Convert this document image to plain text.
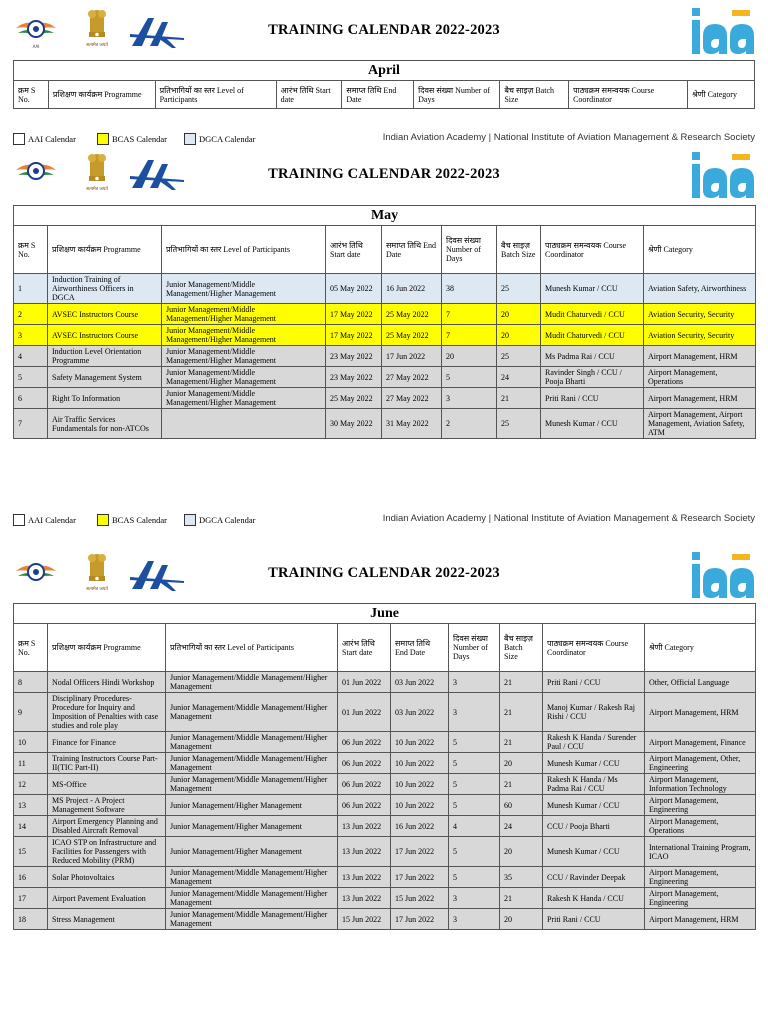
AAI	सत्यमेव जयते
TRAINING CALENDAR 2022-2023
April
क्रम S No.	प्रशिक्षण कार्यक्रम Programme	प्रतिभागियों का स्तर Level of Participants	आरंभ तिथि Start date	समाप्त तिथि End Date	दिवस संख्या Number of Days	बैच साइज़ Batch Size	पाठ्यक्रम समन्वयक Course Coordinator	श्रेणी Category
AAI Calendar	BCAS Calendar	DGCA Calendar	Indian Aviation Academy | National Institute of Aviation Management & Research Society
सत्यमेव जयते
TRAINING CALENDAR 2022-2023
May								
क्रम S No.	प्रशिक्षण कार्यक्रम Programme	प्रतिभागियों का स्तर Level of Participants	आरंभ तिथि Start date	समाप्त तिथि End Date	दिवस संख्या Number of Days	बैच साइज़ Batch Size	पाठ्यक्रम समन्वयक Course Coordinator	श्रेणी Category
1	Induction Training of Airworthiness Officers in DGCA	Junior Management/Middle Management/Higher Management	05 May 2022	16 Jun 2022	38	25	Munesh Kumar / CCU	Aviation Safety, Airworthiness
2	AVSEC Instructors Course	Junior Management/Middle Management/Higher Management	17 May 2022	25 May 2022	7	20	Mudit Chaturvedi / CCU	Aviation Security, Security
3	AVSEC Instructors Course	Junior Management/Middle Management/Higher Management	17 May 2022	25 May 2022	7	20	Mudit Chaturvedi / CCU	Aviation Security, Security
4	Induction Level Orientation Programme	Junior Management/Middle Management/Higher Management	23 May 2022	17 Jun 2022	20	25	Ms Padma Rai / CCU	Airport Management, HRM
5	Safety Management System	Junior Management/Middle Management/Higher Management	23 May 2022	27 May 2022	5	24	Ravinder Singh / CCU / Pooja Bharti	Airport Management, Operations
6	Right To Information	Junior Management/Middle Management/Higher Management	25 May 2022	27 May 2022	3	21	Priti Rani / CCU	Airport Management, HRM
7	Air Traffic Services Fundamentals for non-ATCOs		30 May 2022	31 May 2022	2	25	Munesh Kumar / CCU	Airport Management, Airport Management, Aviation Safety, ATM
AAI Calendar	BCAS Calendar	DGCA Calendar	Indian Aviation Academy | National Institute of Aviation Management & Research Society
सत्यमेव जयते
TRAINING CALENDAR 2022-2023
June								
क्रम S No.	प्रशिक्षण कार्यक्रम Programme	प्रतिभागियों का स्तर Level of Participants	आरंभ तिथि Start date	समाप्त तिथि End Date	दिवस संख्या Number of Days	बैच साइज़ Batch Size	पाठ्यक्रम समन्वयक Course Coordinator	श्रेणी Category
8	Nodal Officers Hindi Workshop	Junior Management/Middle Management/Higher Management	01 Jun 2022	03 Jun 2022	3	21	Priti Rani / CCU	Other, Official Language
9	Disciplinary Procedures-Procedure for Inquiry and Imposition of Penalties with case studies and role play	Junior Management/Middle Management/Higher Management	01 Jun 2022	03 Jun 2022	3	21	Manoj Kumar / Rakesh Raj Rishi / CCU	Airport Management, HRM
10	Finance for Finance	Junior Management/Middle Management/Higher Management	06 Jun 2022	10 Jun 2022	5	21	Rakesh K Handa / Surender Paul / CCU	Airport Management, Finance
11	Training Instructors Course Part-II(TIC Part-II)	Junior Management/Middle Management/Higher Management	06 Jun 2022	10 Jun 2022	5	20	Munesh Kumar / CCU	Airport Management, Other, Engineering
12	MS-Office	Junior Management/Middle Management/Higher Management	06 Jun 2022	10 Jun 2022	5	21	Rakesh K Handa / Ms Padma Rai / CCU	Airport Management, Information Technology
13	MS Project - A Project Management Software	Junior Management/Higher Management	06 Jun 2022	10 Jun 2022	5	60	Munesh Kumar / CCU	Airport Management, Engineering
14	Airport Emergency Planning and Disabled Aircraft Removal	Junior Management/Higher Management	13 Jun 2022	16 Jun 2022	4	24	CCU / Pooja Bharti	Airport Management, Operations
15	ICAO STP on Infrastructure and Facilities for Passengers with Reduced Mobility (PRM)	Junior Management/Higher Management	13 Jun 2022	17 Jun 2022	5	20	Munesh Kumar / CCU	International Training Program, ICAO
16	Solar Photovoltaics	Junior Management/Middle Management/Higher Management	13 Jun 2022	17 Jun 2022	5	35	CCU / Ravinder Deepak	Airport Management, Engineering
17	Airport Pavement Evaluation	Junior Management/Middle Management/Higher Management	13 Jun 2022	15 Jun 2022	3	21	Rakesh K Handa / CCU	Airport Management, Engineering
18	Stress Management	Junior Management/Middle Management/Higher Management	15 Jun 2022	17 Jun 2022	3	20	Priti Rani / CCU	Airport Management, HRM
